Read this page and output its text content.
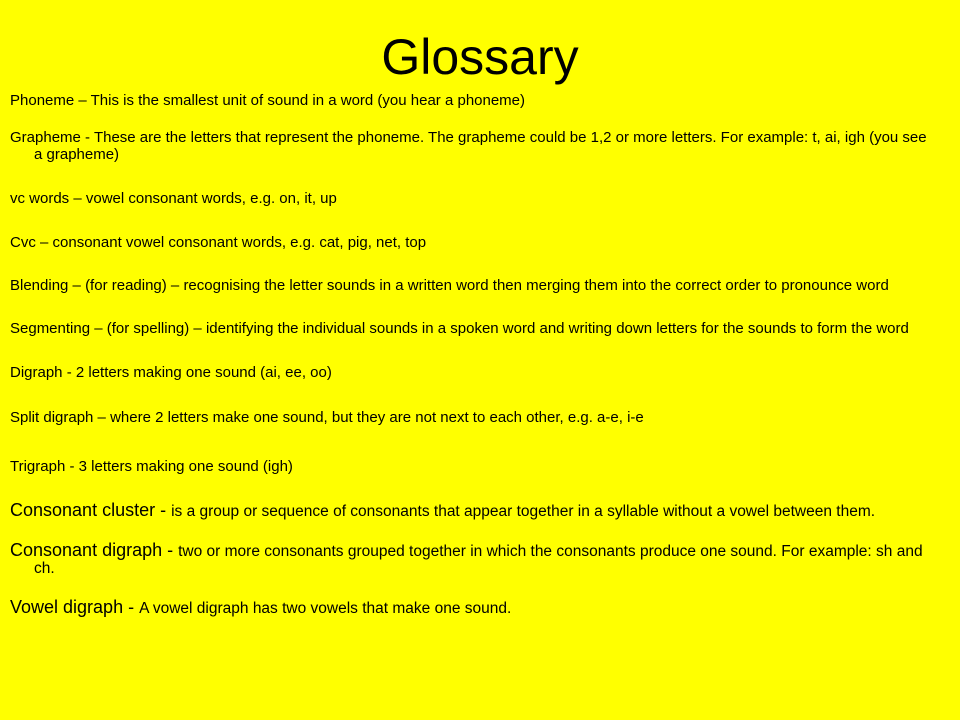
Glossary
Phoneme – This is the smallest unit of sound in a word (you hear a phoneme)
Grapheme - These are the letters that represent the phoneme. The grapheme could be 1,2 or more letters. For example: t, ai, igh (you see a grapheme)
vc words – vowel consonant words, e.g. on, it, up
Cvc – consonant vowel consonant words, e.g. cat, pig, net, top
Blending – (for reading) – recognising the letter sounds in a written word then merging them into the correct order to pronounce word
Segmenting – (for spelling) – identifying the individual sounds in a spoken word and writing down letters for the sounds to form the word
Digraph - 2 letters making one sound (ai, ee, oo)
Split digraph – where 2 letters make one sound, but they are not next to each other, e.g. a-e, i-e
Trigraph - 3 letters making one sound (igh)
Consonant cluster - is a group or sequence of consonants that appear together in a syllable without a vowel between them.
Consonant digraph - two or more consonants grouped together in which the consonants produce one sound. For example: sh and ch.
Vowel digraph - A vowel digraph has two vowels that make one sound.
